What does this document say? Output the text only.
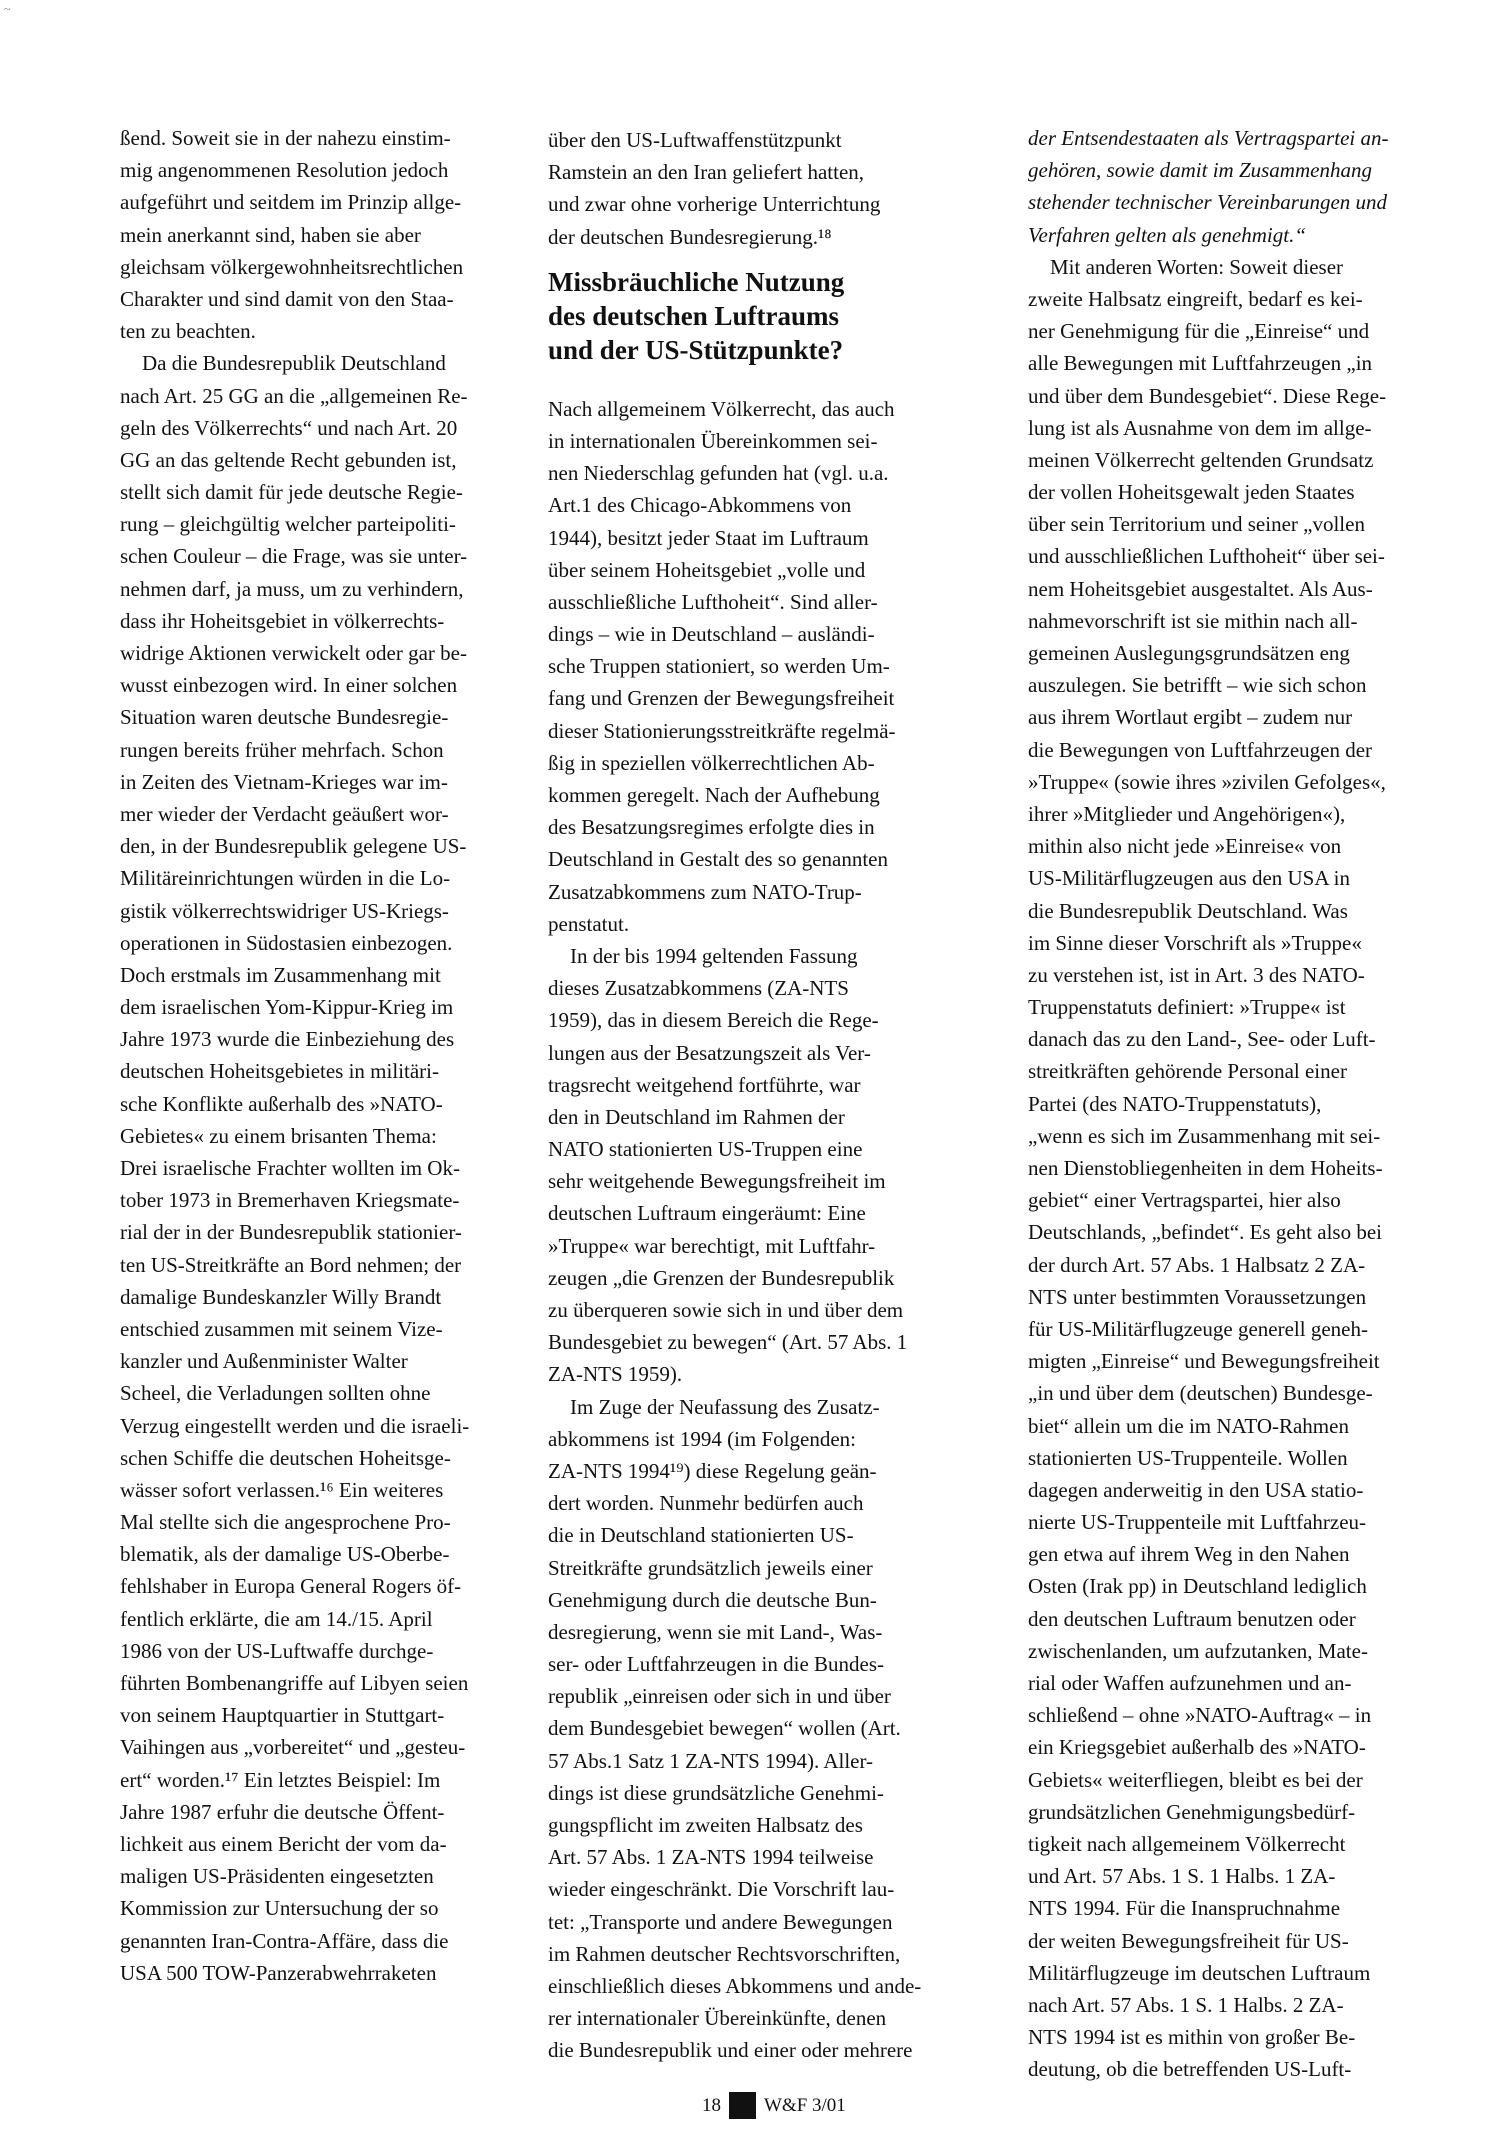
~
ßend. Soweit sie in der nahezu einstim-
mig angenommenen Resolution jedoch
aufgeführt und seitdem im Prinzip allge-
mein anerkannt sind, haben sie aber
gleichsam völkergewohnheitsrechtlichen
Charakter und sind damit von den Staa-
ten zu beachten.
Da die Bundesrepublik Deutschland
nach Art. 25 GG an die „allgemeinen Re-
geln des Völkerrechts“ und nach Art. 20
GG an das geltende Recht gebunden ist,
stellt sich damit für jede deutsche Regie-
rung – gleichgültig welcher parteipoliti-
schen Couleur – die Frage, was sie unter-
nehmen darf, ja muss, um zu verhindern,
dass ihr Hoheitsgebiet in völkerrechts-
widrige Aktionen verwickelt oder gar be-
wusst einbezogen wird. In einer solchen
Situation waren deutsche Bundesregie-
rungen bereits früher mehrfach. Schon
in Zeiten des Vietnam-Krieges war im-
mer wieder der Verdacht geäußert wor-
den, in der Bundesrepublik gelegene US-
Militäreinrichtungen würden in die Lo-
gistik völkerrechtswidriger US-Kriegs-
operationen in Südostasien einbezogen.
Doch erstmals im Zusammenhang mit
dem israelischen Yom-Kippur-Krieg im
Jahre 1973 wurde die Einbeziehung des
deutschen Hoheitsgebietes in militäri-
sche Konflikte außerhalb des »NATO-
Gebietes« zu einem brisanten Thema:
Drei israelische Frachter wollten im Ok-
tober 1973 in Bremerhaven Kriegsmate-
rial der in der Bundesrepublik stationier-
ten US-Streitkräfte an Bord nehmen; der
damalige Bundeskanzler Willy Brandt
entschied zusammen mit seinem Vize-
kanzler und Außenminister Walter
Scheel, die Verladungen sollten ohne
Verzug eingestellt werden und die israeli-
schen Schiffe die deutschen Hoheitsge-
wässer sofort verlassen.¹⁶ Ein weiteres
Mal stellte sich die angesprochene Pro-
blematik, als der damalige US-Oberbe-
fehlshaber in Europa General Rogers öf-
fentlich erklärte, die am 14./15. April
1986 von der US-Luftwaffe durchge-
führten Bombenangriffe auf Libyen seien
von seinem Hauptquartier in Stuttgart-
Vaihingen aus „vorbereitet“ und „gesteu-
ert“ worden.¹⁷ Ein letztes Beispiel: Im
Jahre 1987 erfuhr die deutsche Öffent-
lichkeit aus einem Bericht der vom da-
maligen US-Präsidenten eingesetzten
Kommission zur Untersuchung der so
genannten Iran-Contra-Affäre, dass die
USA 500 TOW-Panzerabwehrraketen
über den US-Luftwaffenstützpunkt
Ramstein an den Iran geliefert hatten,
und zwar ohne vorherige Unterrichtung
der deutschen Bundesregierung.¹⁸
Missbräuchliche Nutzung
des deutschen Luftraums
und der US-Stützpunkte?
Nach allgemeinem Völkerrecht, das auch
in internationalen Übereinkommen sei-
nen Niederschlag gefunden hat (vgl. u.a.
Art.1 des Chicago-Abkommens von
1944), besitzt jeder Staat im Luftraum
über seinem Hoheitsgebiet „volle und
ausschließliche Lufthoheit“. Sind aller-
dings – wie in Deutschland – ausländi-
sche Truppen stationiert, so werden Um-
fang und Grenzen der Bewegungsfreiheit
dieser Stationierungsstreitkräfte regelmä-
ßig in speziellen völkerrechtlichen Ab-
kommen geregelt. Nach der Aufhebung
des Besatzungsregimes erfolgte dies in
Deutschland in Gestalt des so genannten
Zusatzabkommens zum NATO-Trup-
penstatut.
In der bis 1994 geltenden Fassung
dieses Zusatzabkommens (ZA-NTS
1959), das in diesem Bereich die Rege-
lungen aus der Besatzungszeit als Ver-
tragsrecht weitgehend fortführte, war
den in Deutschland im Rahmen der
NATO stationierten US-Truppen eine
sehr weitgehende Bewegungsfreiheit im
deutschen Luftraum eingeräumt: Eine
»Truppe« war berechtigt, mit Luftfahr-
zeugen „die Grenzen der Bundesrepublik
zu überqueren sowie sich in und über dem
Bundesgebiet zu bewegen“ (Art. 57 Abs. 1
ZA-NTS 1959).
Im Zuge der Neufassung des Zusatz-
abkommens ist 1994 (im Folgenden:
ZA-NTS 1994¹⁹) diese Regelung geän-
dert worden. Nunmehr bedürfen auch
die in Deutschland stationierten US-
Streitkräfte grundsätzlich jeweils einer
Genehmigung durch die deutsche Bun-
desregierung, wenn sie mit Land-, Was-
ser- oder Luftfahrzeugen in die Bundes-
republik „einreisen oder sich in und über
dem Bundesgebiet bewegen“ wollen (Art.
57 Abs.1 Satz 1 ZA-NTS 1994). Aller-
dings ist diese grundsätzliche Genehmi-
gungspflicht im zweiten Halbsatz des
Art. 57 Abs. 1 ZA-NTS 1994 teilweise
wieder eingeschränkt. Die Vorschrift lau-
tet: „Transporte und andere Bewegungen
im Rahmen deutscher Rechtsvorschriften,
einschließlich dieses Abkommens und ande-
rer internationaler Übereinkünfte, denen
die Bundesrepublik und einer oder mehrere
der Entsendestaaten als Vertragspartei an-
gehören, sowie damit im Zusammenhang
stehender technischer Vereinbarungen und
Verfahren gelten als genehmigt.“
Mit anderen Worten: Soweit dieser
zweite Halbsatz eingreift, bedarf es kei-
ner Genehmigung für die „Einreise“ und
alle Bewegungen mit Luftfahrzeugen „in
und über dem Bundesgebiet“. Diese Rege-
lung ist als Ausnahme von dem im allge-
meinen Völkerrecht geltenden Grundsatz
der vollen Hoheitsgewalt jeden Staates
über sein Territorium und seiner „vollen
und ausschließlichen Lufthoheit“ über sei-
nem Hoheitsgebiet ausgestaltet. Als Aus-
nahmevorschrift ist sie mithin nach all-
gemeinen Auslegungsgrundsätzen eng
auszulegen. Sie betrifft – wie sich schon
aus ihrem Wortlaut ergibt – zudem nur
die Bewegungen von Luftfahrzeugen der
»Truppe« (sowie ihres »zivilen Gefolges«,
ihrer »Mitglieder und Angehörigen«),
mithin also nicht jede »Einreise« von
US-Militärflugzeugen aus den USA in
die Bundesrepublik Deutschland. Was
im Sinne dieser Vorschrift als »Truppe«
zu verstehen ist, ist in Art. 3 des NATO-
Truppenstatuts definiert: »Truppe« ist
danach das zu den Land-, See- oder Luft-
streitkräften gehörende Personal einer
Partei (des NATO-Truppenstatuts),
„wenn es sich im Zusammenhang mit sei-
nen Dienstobliegenheiten in dem Hoheits-
gebiet“ einer Vertragspartei, hier also
Deutschlands, „befindet“. Es geht also bei
der durch Art. 57 Abs. 1 Halbsatz 2 ZA-
NTS unter bestimmten Voraussetzungen
für US-Militärflugzeuge generell geneh-
migten „Einreise“ und Bewegungsfreiheit
„in und über dem (deutschen) Bundesge-
biet“ allein um die im NATO-Rahmen
stationierten US-Truppenteile. Wollen
dagegen anderweitig in den USA statio-
nierte US-Truppenteile mit Luftfahrzeu-
gen etwa auf ihrem Weg in den Nahen
Osten (Irak pp) in Deutschland lediglich
den deutschen Luftraum benutzen oder
zwischenlanden, um aufzutanken, Mate-
rial oder Waffen aufzunehmen und an-
schließend – ohne »NATO-Auftrag« – in
ein Kriegsgebiet außerhalb des »NATO-
Gebiets« weiterfliegen, bleibt es bei der
grundsätzlichen Genehmigungsbedürf-
tigkeit nach allgemeinem Völkerrecht
und Art. 57 Abs. 1 S. 1 Halbs. 1 ZA-
NTS 1994. Für die Inanspruchnahme
der weiten Bewegungsfreiheit für US-
Militärflugzeuge im deutschen Luftraum
nach Art. 57 Abs. 1 S. 1 Halbs. 2 ZA-
NTS 1994 ist es mithin von großer Be-
deutung, ob die betreffenden US-Luft-
18 W&F 3/01
